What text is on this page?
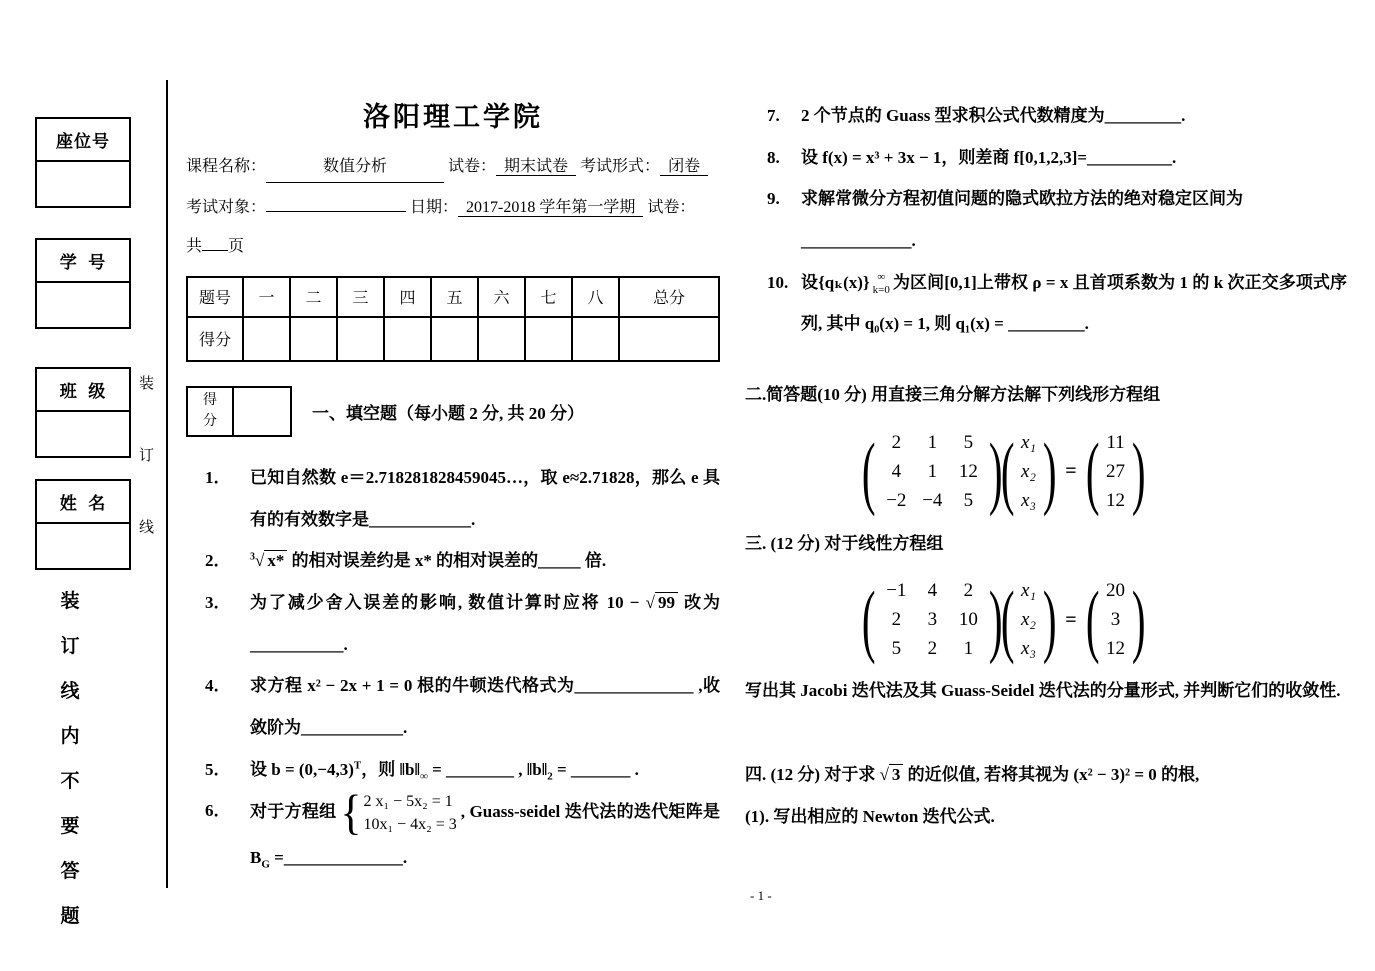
座位号
学  号
班  级
姓  名
装
订
线
装
订
线
内
不
要
答
题
洛阳理工学院
课程名称：	数值分析	试卷： 期末试卷 考试形式： 闭卷
考试对象：	日期： 2017-2018 学年第一学期 试卷：
共 页
题号	一	二	三	四	五	六	七	八	总分
得分									
得
分	一、填空题（每小题 2 分, 共 20 分）
1．	已知自然数 e＝2.718281828459045…，取 e≈2.71828，那么 e 具有的有效数字是____________.
2．	$^3$√ x* 的相对误差约是 x* 的相对误差的_____ 倍.
3．	为了减少舍入误差的影响, 数值计算时应将 10 − √ 99 改为___________.
4．	求方程 x² − 2x + 1 = 0 根的牛顿迭代格式为______________ ,收敛阶为____________.
5．	设 $b = (0,-4,3)^T$，则 $‖b‖_\infty$ = ________ , $‖b‖_2$ = _______ .
6．	对于方程组 { 2 x₁ − 5x₂ = 1
10x₁ − 4x₂ = 3
, Guass-seidel 迭代法的迭代矩阵是 $B_G$ =______________.
7.	2 个节点的 Guass 型求积公式代数精度为_________.
8.	设 f(x) = x³ + 3x − 1，则差商 f[0,1,2,3]=__________.
9.	求解常微分方程初值问题的隐式欧拉方法的绝对稳定区间为
_____________.
10. 设{qₖ(x)} ∞
k=0 为区间[0,1]上带权 ρ = x 且首项系数为 1 的 k 次正交多项式序列, 其中 q₀(x) = 1, 则 q₁(x) = _________.
二.简答题(10 分) 用直接三角分解方法解下列线形方程组
( 2 1 5
4 1 12
−2 −4 5 )
( x₁
x₂
x₃ ) = ( 11
27
12 )
三. (12 分) 对于线性方程组
( −1 4 2
2 3 10
5 2 1 )
( x₁
x₂
x₃ ) = ( 20
3
12 )
写出其 Jacobi 迭代法及其 Guass-Seidel 迭代法的分量形式, 并判断它们的收敛性.
四. (12 分) 对于求 √ 3 的近似值, 若将其视为 (x² − 3)² = 0 的根,
(1). 写出相应的 Newton 迭代公式.
- 1 -
